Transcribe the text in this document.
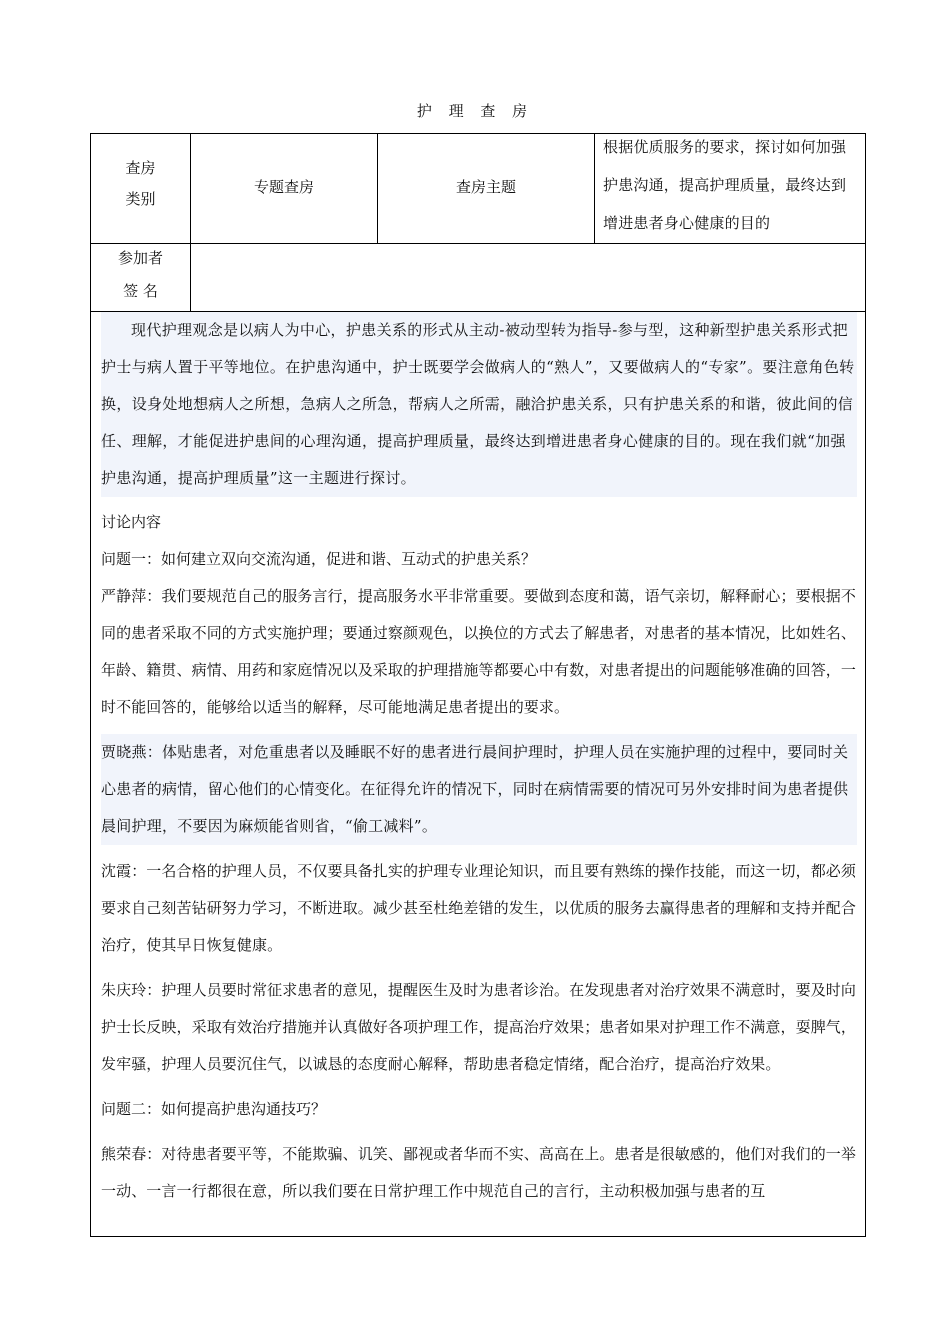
护 理 查 房
查房
类别
专题查房	查房主题
根据优质服务的要求，探讨如何加强护患沟通，提高护理质量，最终达到增进患者身心健康的目的
参加者
签 名

现代护理观念是以病人为中心，护患关系的形式从主动-被动型转为指导-参与型，这种新型护患关系形式把护士与病人置于平等地位。在护患沟通中，护士既要学会做病人的“熟人”，又要做病人的“专家”。要注意角色转换，设身处地想病人之所想，急病人之所急，帮病人之所需，融洽护患关系，只有护患关系的和谐，彼此间的信任、理解，才能促进护患间的心理沟通，提高护理质量，最终达到增进患者身心健康的目的。现在我们就“加强护患沟通，提高护理质量”这一主题进行探讨。

讨论内容

问题一：如何建立双向交流沟通，促进和谐、互动式的护患关系？

严静萍：我们要规范自己的服务言行，提高服务水平非常重要。要做到态度和蔼，语气亲切，解释耐心；要根据不同的患者采取不同的方式实施护理；要通过察颜观色，以换位的方式去了解患者，对患者的基本情况，比如姓名、年龄、籍贯、病情、用药和家庭情况以及采取的护理措施等都要心中有数，对患者提出的问题能够准确的回答，一时不能回答的，能够给以适当的解释，尽可能地满足患者提出的要求。

贾晓燕：体贴患者，对危重患者以及睡眠不好的患者进行晨间护理时，护理人员在实施护理的过程中，要同时关心患者的病情，留心他们的心情变化。在征得允许的情况下，同时在病情需要的情况可另外安排时间为患者提供晨间护理，不要因为麻烦能省则省，“偷工减料”。

沈霞：一名合格的护理人员，不仅要具备扎实的护理专业理论知识，而且要有熟练的操作技能，而这一切，都必须要求自己刻苦钻研努力学习，不断进取。减少甚至杜绝差错的发生，以优质的服务去赢得患者的理解和支持并配合治疗，使其早日恢复健康。

朱庆玲：护理人员要时常征求患者的意见，提醒医生及时为患者诊治。在发现患者对治疗效果不满意时，要及时向护士长反映，采取有效治疗措施并认真做好各项护理工作，提高治疗效果；患者如果对护理工作不满意，耍脾气，发牢骚，护理人员要沉住气，以诚恳的态度耐心解释，帮助患者稳定情绪，配合治疗，提高治疗效果。

问题二：如何提高护患沟通技巧？

熊荣春：对待患者要平等，不能欺骗、讥笑、鄙视或者华而不实、高高在上。患者是很敏感的，他们对我们的一举一动、一言一行都很在意，所以我们要在日常护理工作中规范自己的言行，主动积极加强与患者的互
